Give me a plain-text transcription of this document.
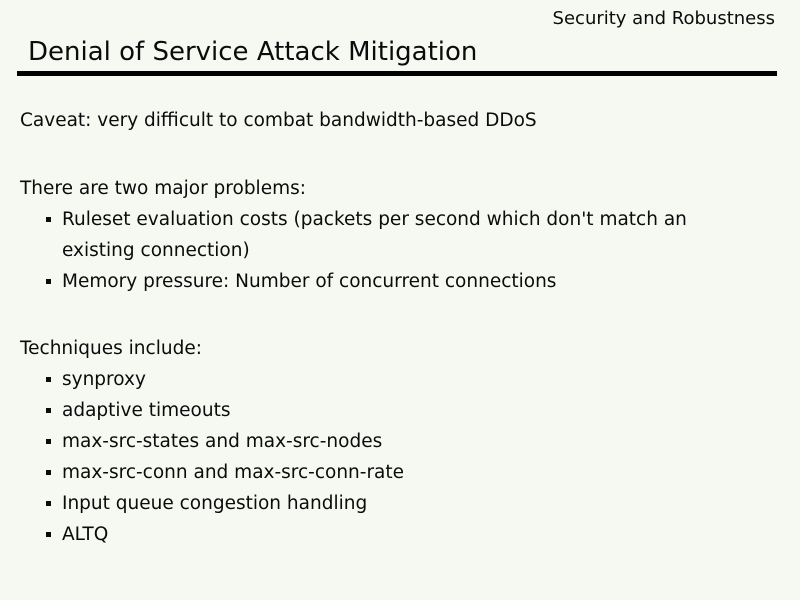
Security and Robustness
Denial of Service Attack Mitigation

Caveat: very difficult to combat bandwidth-based DDoS

There are two major problems:

Ruleset evaluation costs (packets per second which don't match an existing connection)
Memory pressure: Number of concurrent connections

Techniques include:

synproxy
adaptive timeouts
max-src-states and max-src-nodes
max-src-conn and max-src-conn-rate
Input queue congestion handling
ALTQ
